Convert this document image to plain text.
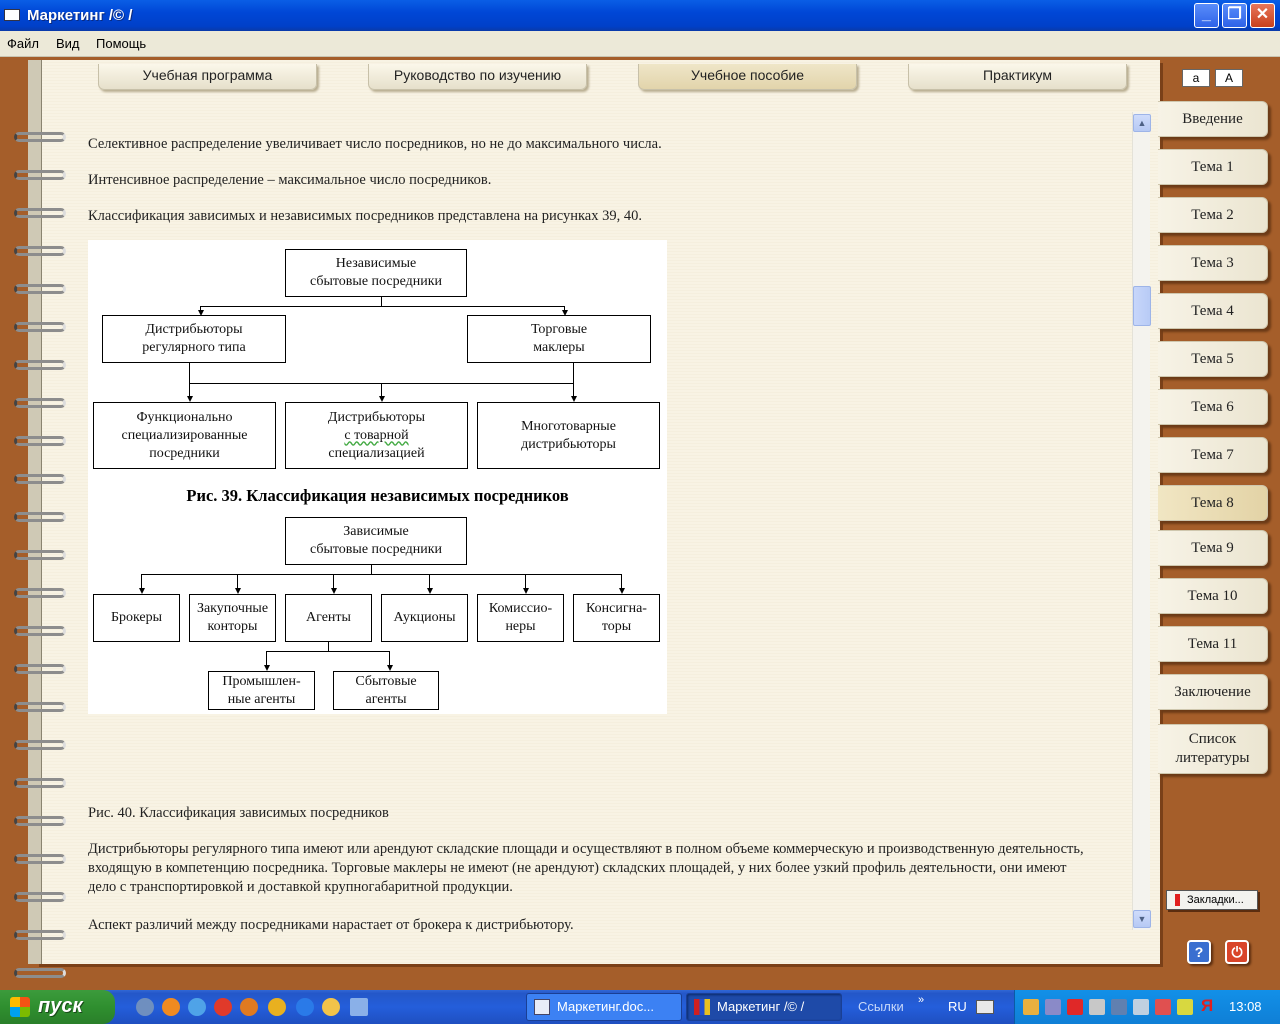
Маркетинг /© /	_	❐ ✕
Файл Вид Помощь
Учебная программа	Руководство по изучению	Учебное пособие	Практикум	a	A
Введение
Тема 1
Тема 2
Тема 3
Тема 4
Тема 5
Тема 6
Тема 7
Тема 8
Тема 9
Тема 10
Тема 11
Заключение
Список литературы
Селективное распределение увеличивает число посредников, но не до максимального числа.
Интенсивное распределение – максимальное число посредников.
Классификация зависимых и независимых посредников представлена на рисунках 39, 40.
Рис. 40. Классификация зависимых посредников
Дистрибьюторы регулярного типа имеют или арендуют складские площади и осуществляют в полном объеме коммерческую и производственную деятельность, входящую в компетенцию посредника. Торговые маклеры не имеют (не арендуют) складских площадей, у них более узкий профиль деятельности, они имеют дело с транспортировкой и доставкой крупногабаритной продукции.
Аспект различий между посредниками нарастает от брокера к дистрибьютору.
Независимые
сбытовые посредники
Дистрибьюторы
регулярного типа
Торговые
маклеры
Функционально
специализированные
посредники
Дистрибьюторы
с товарной
специализацией
Многотоварные
дистрибьюторы
Рис. 39. Классификация независимых посредников
Зависимые
сбытовые посредники
Брокеры
Закупочные
конторы
Агенты	Аукционы
Комиссио-
неры
Консигна-
торы
Промышлен-
ные агенты
Сбытовые
агенты
▲
▼
Закладки...
?	⏻
пуск	Маркетинг.doc...	Маркетинг /© /	Ссылки » RU	Я 13:08
